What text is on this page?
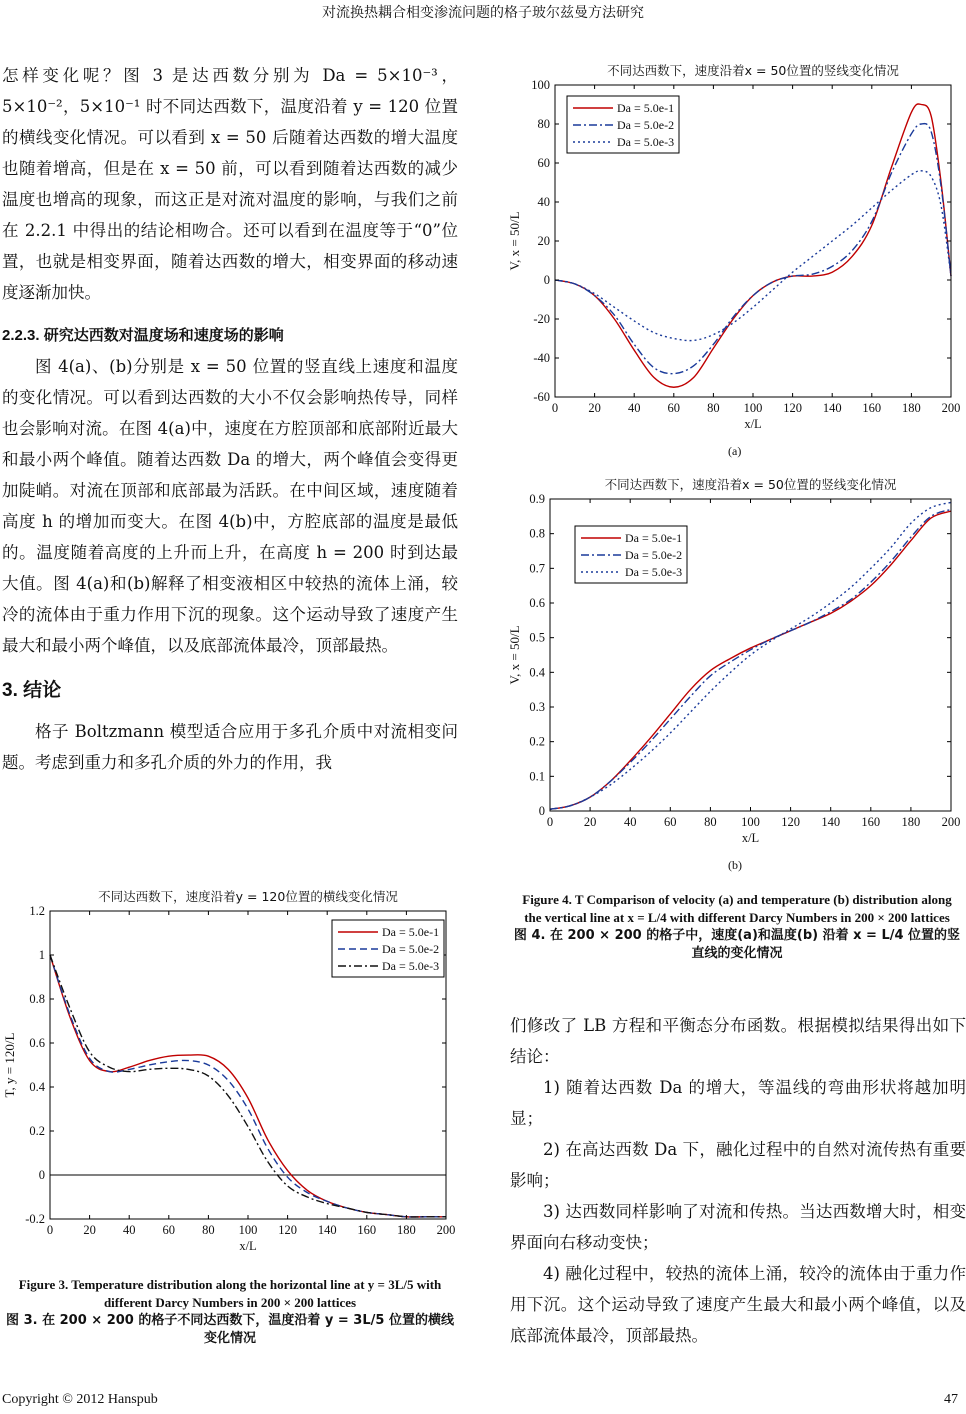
对流换热耦合相变渗流问题的格子玻尔兹曼方法研究

怎样变化呢？图 3 是达西数分别为 Da = 5×10⁻³，5×10⁻²，5×10⁻¹ 时不同达西数下，温度沿着 y = 120 位置的横线变化情况。可以看到 x = 50 后随着达西数的增大温度也随着增高，但是在 x = 50 前，可以看到随着达西数的减少温度也增高的现象，而这正是对流对温度的影响，与我们之前在 2.2.1 中得出的结论相吻合。还可以看到在温度等于“0”位置，也就是相变界面，随着达西数的增大，相变界面的移动速度逐渐加快。

2.2.3. 研究达西数对温度场和速度场的影响

图 4(a)、(b)分别是 x = 50 位置的竖直线上速度和温度的变化情况。可以看到达西数的大小不仅会影响热传导，同样也会影响对流。在图 4(a)中，速度在方腔顶部和底部附近最大和最小两个峰值。随着达西数 Da 的增大，两个峰值会变得更加陡峭。对流在顶部和底部最为活跃。在中间区域，速度随着高度 h 的增加而变大。在图 4(b)中，方腔底部的温度是最低的。温度随着高度的上升而上升，在高度 h = 200 时到达最大值。图 4(a)和(b)解释了相变液相区中较热的流体上涌，较冷的流体由于重力作用下沉的现象。这个运动导致了速度产生最大和最小两个峰值，以及底部流体最冷，顶部最热。

3. 结论

格子 Boltzmann 模型适合应用于多孔介质中对流相变问题。考虑到重力和多孔介质的外力的作用，我

不同达西数下，速度沿着x = 50位置的竖线变化情况
0 20 40 60 80 100 120 140 160 180 200
-60
-40
-20
0
20
40
60
80
100
x/L
V, x = 50/L
Da = 5.0e-1
Da = 5.0e-2
Da = 5.0e-3
(a)
不同达西数下，速度沿着x = 50位置的竖线变化情况
0 20 40 60 80 100 120 140 160 180 200
0
0.1
0.2
0.3
0.4
0.5
0.6
0.7
0.8
0.9
x/L
V, x = 50/L
Da = 5.0e-1
Da = 5.0e-2
Da = 5.0e-3
(b)
Figure 4. T Comparison of velocity (a) and temperature (b) distribution along the vertical line at x = L/4 with different Darcy Numbers in 200 × 200 lattices
图 4. 在 200 × 200 的格子中，速度(a)和温度(b) 沿着 x = L/4 位置的竖直线的变化情况

们修改了 LB 方程和平衡态分布函数。根据模拟结果得出如下结论：

1) 随着达西数 Da 的增大，等温线的弯曲形状将越加明显；

2) 在高达西数 Da 下，融化过程中的自然对流传热有重要影响；

3) 达西数同样影响了对流和传热。当达西数增大时，相变界面向右移动变快；

4) 融化过程中，较热的流体上涌，较冷的流体由于重力作用下沉。这个运动导致了速度产生最大和最小两个峰值，以及底部流体最冷，顶部最热。

不同达西数下，速度沿着y = 120位置的横线变化情况
0 20 40 60 80 100 120 140 160 180 200
-0.2
0
0.2
0.4
0.6
0.8
1
1.2
x/L
T, y = 120/L
Da = 5.0e-1
Da = 5.0e-2
Da = 5.0e-3
Figure 3. Temperature distribution along the horizontal line at y = 3L/5 with different Darcy Numbers in 200 × 200 lattices
图 3. 在 200 × 200 的格子不同达西数下，温度沿着 y = 3L/5 位置的横线变化情况
Copyright © 2012 Hanspub	47
